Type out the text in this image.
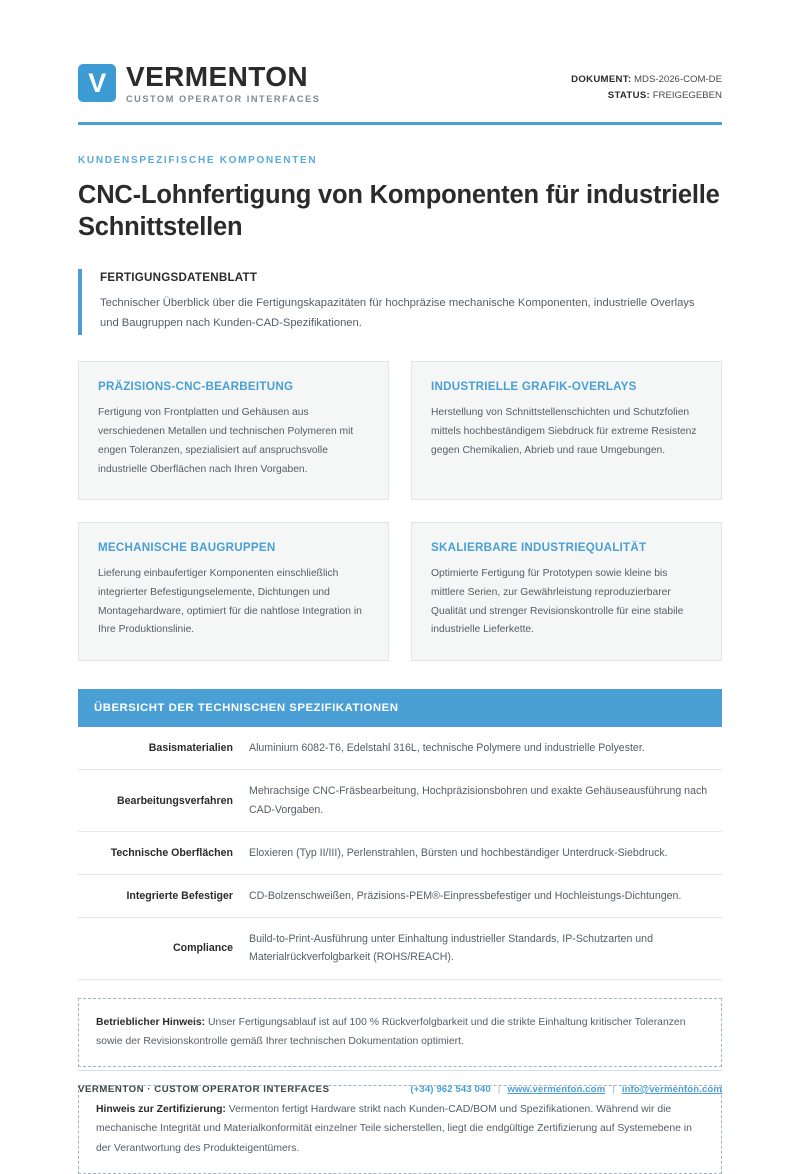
V VERMENTON
CUSTOM OPERATOR INTERFACES
DOKUMENT: MDS-2026-COM-DE
STATUS: FREIGEGEBEN
KUNDENSPEZIFISCHE KOMPONENTEN
CNC-Lohnfertigung von Komponenten für industrielle Schnittstellen
FERTIGUNGSDATENBLATT
Technischer Überblick über die Fertigungskapazitäten für hochpräzise mechanische Komponenten, industrielle Overlays und Baugruppen nach Kunden-CAD-Spezifikationen.
PRÄZISIONS-CNC-BEARBEITUNG
Fertigung von Frontplatten und Gehäusen aus verschiedenen Metallen und technischen Polymeren mit engen Toleranzen, spezialisiert auf anspruchsvolle industrielle Oberflächen nach Ihren Vorgaben.
INDUSTRIELLE GRAFIK-OVERLAYS
Herstellung von Schnittstellenschichten und Schutzfolien mittels hochbeständigem Siebdruck für extreme Resistenz gegen Chemikalien, Abrieb und raue Umgebungen.
MECHANISCHE BAUGRUPPEN
Lieferung einbaufertiger Komponenten einschließlich integrierter Befestigungselemente, Dichtungen und Montagehardware, optimiert für die nahtlose Integration in Ihre Produktionslinie.
SKALIERBARE INDUSTRIEQUALITÄT
Optimierte Fertigung für Prototypen sowie kleine bis mittlere Serien, zur Gewährleistung reproduzierbarer Qualität und strenger Revisionskontrolle für eine stabile industrielle Lieferkette.
ÜBERSICHT DER TECHNISCHEN SPEZIFIKATIONEN
Basismaterialien	Aluminium 6082-T6, Edelstahl 316L, technische Polymere und industrielle Polyester.
Bearbeitungsverfahren	Mehrachsige CNC-Fräsbearbeitung, Hochpräzisionsbohren und exakte Gehäuseausführung nach CAD-Vorgaben.
Technische Oberflächen	Eloxieren (Typ II/III), Perlenstrahlen, Bürsten und hochbeständiger Unterdruck-Siebdruck.
Integrierte Befestiger	CD-Bolzenschweißen, Präzisions-PEM®-Einpressbefestiger und Hochleistungs-Dichtungen.
Compliance	Build-to-Print-Ausführung unter Einhaltung industrieller Standards, IP-Schutzarten und Materialrückverfolgbarkeit (ROHS/REACH).
Betrieblicher Hinweis: Unser Fertigungsablauf ist auf 100 % Rückverfolgbarkeit und die strikte Einhaltung kritischer Toleranzen sowie der Revisionskontrolle gemäß Ihrer technischen Dokumentation optimiert.
Hinweis zur Zertifizierung: Vermenton fertigt Hardware strikt nach Kunden-CAD/BOM und Spezifikationen. Während wir die mechanische Integrität und Materialkonformität einzelner Teile sicherstellen, liegt die endgültige Zertifizierung auf Systemebene in der Verantwortung des Produkteigentümers.
VERMENTON · CUSTOM OPERATOR INTERFACES	(+34) 962 543 040 | www.vermenton.com | info@vermenton.com
